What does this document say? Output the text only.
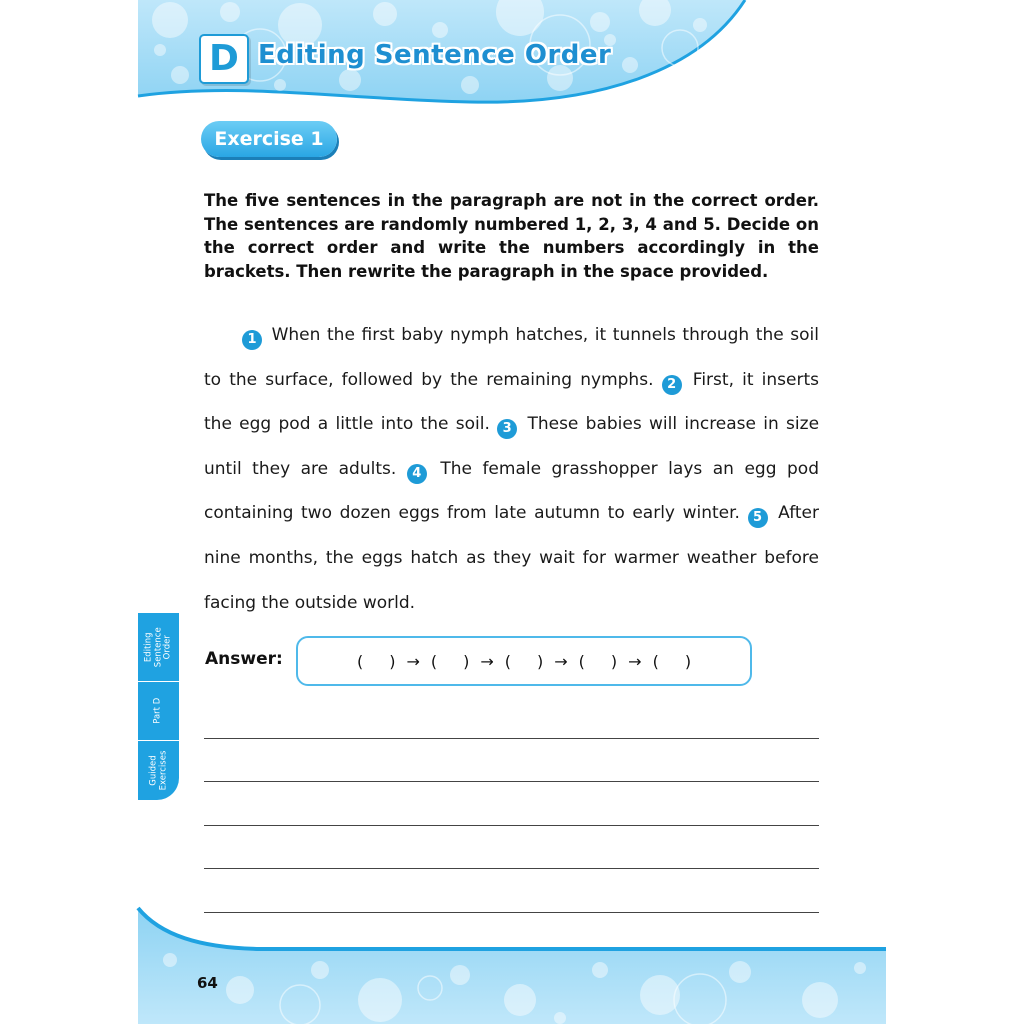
D Editing Sentence Order
Exercise 1

The five sentences in the paragraph are not in the correct order. The sentences are randomly numbered 1, 2, 3, 4 and 5. Decide on the correct order and write the numbers accordingly in the brackets. Then rewrite the paragraph in the space provided.

1 When the first baby nymph hatches, it tunnels through the soil to the surface, followed by the remaining nymphs. 2 First, it inserts the egg pod a little into the soil. 3 These babies will increase in size until they are adults. 4 The female grasshopper lays an egg pod containing two dozen eggs from late autumn to early winter. 5 After nine months, the eggs hatch as they wait for warmer weather before facing the outside world.

Editing
Sentence
Order
Part D
Guided
Exercises
Answer:	( ) → ( ) → ( ) → ( ) → ( )
64
